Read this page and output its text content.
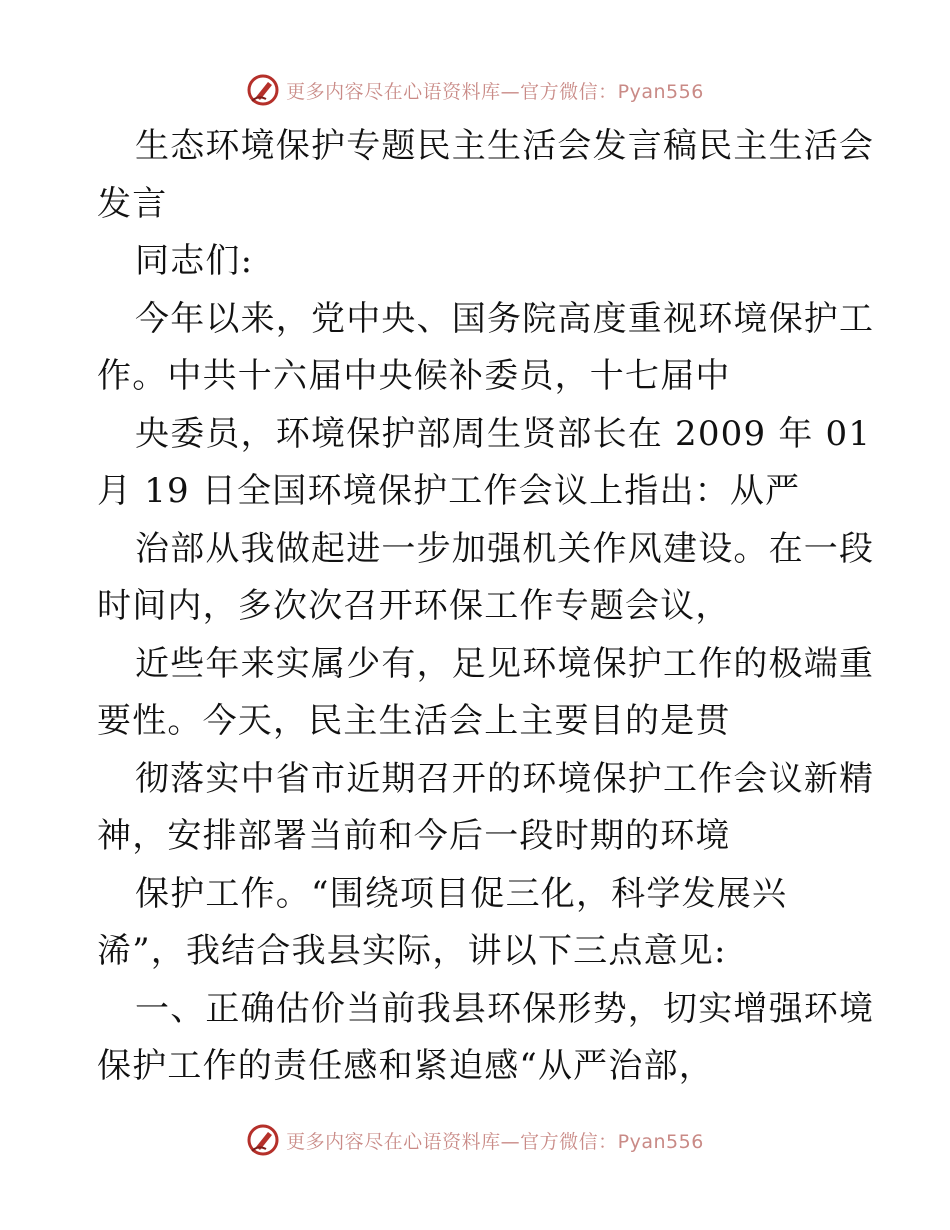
更多内容尽在心语资料库—官方微信：Pyan556
生态环境保护专题民主生活会发言稿民主生活会
发言
同志们:
今年以来，党中央、国务院高度重视环境保护工
作。中共十六届中央候补委员，十七届中
央委员，环境保护部周生贤部长在 2009 年 01
月 19 日全国环境保护工作会议上指出：从严
治部从我做起进一步加强机关作风建设。在一段
时间内，多次次召开环保工作专题会议，
近些年来实属少有，足见环境保护工作的极端重
要性。今天，民主生活会上主要目的是贯
彻落实中省市近期召开的环境保护工作会议新精
神，安排部署当前和今后一段时期的环境
保护工作。“围绕项目促三化，科学发展兴
浠”，我结合我县实际，讲以下三点意见:
一、正确估价当前我县环保形势，切实增强环境
保护工作的责任感和紧迫感“从严治部，
更多内容尽在心语资料库—官方微信：Pyan556
